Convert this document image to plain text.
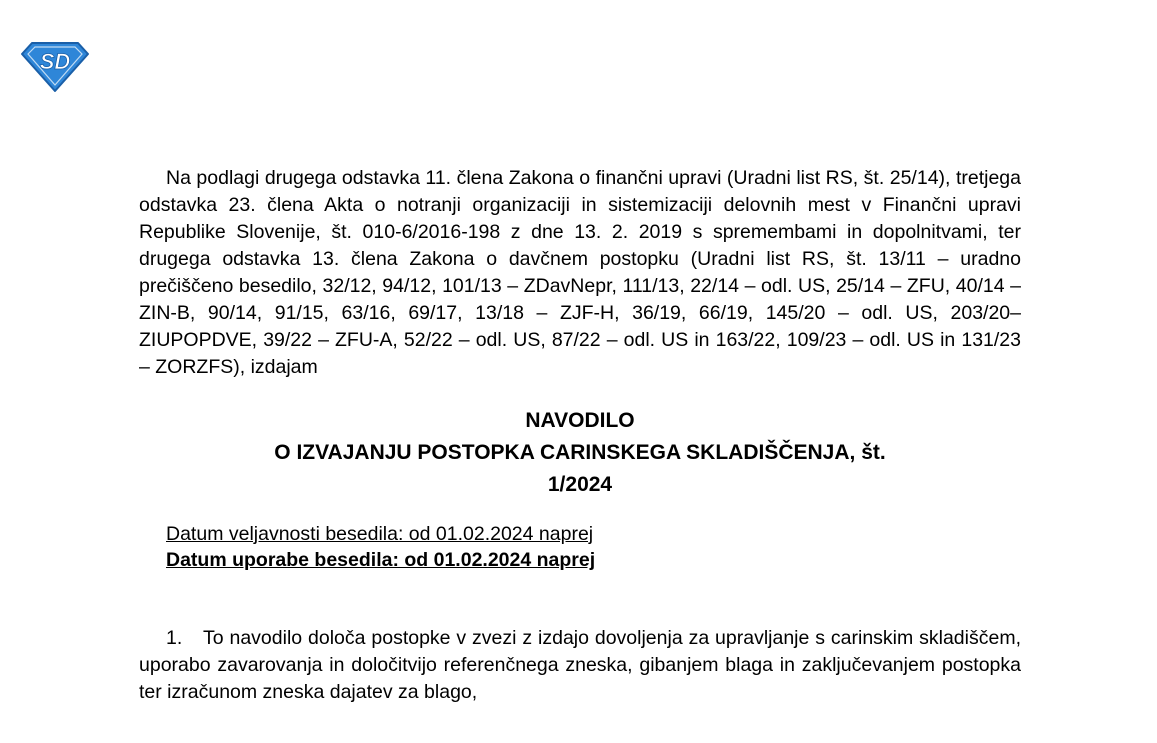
SD

Na podlagi drugega odstavka 11. člena Zakona o finančni upravi (Uradni list RS, št. 25/14), tretjega odstavka 23. člena Akta o notranji organizaciji in sistemizaciji delovnih mest v Finančni upravi Republike Slovenije, št. 010-6/2016-198 z dne 13. 2. 2019 s spremembami in dopolnitvami, ter drugega odstavka 13. člena Zakona o davčnem postopku (Uradni list RS, št. 13/11 – uradno prečiščeno besedilo, 32/12, 94/12, 101/13 – ZDavNepr, 111/13, 22/14 – odl. US, 25/14 – ZFU, 40/14 – ZIN-B, 90/14, 91/15, 63/16, 69/17, 13/18 – ZJF-H, 36/19, 66/19, 145/20 – odl. US, 203/20– ZIUPOPDVE, 39/22 – ZFU-A, 52/22 – odl. US, 87/22 – odl. US in 163/22, 109/23 – odl. US in 131/23 – ZORZFS), izdajam

NAVODILO
O IZVAJANJU POSTOPKA CARINSKEGA SKLADIŠČENJA, št.
1/2024
Datum veljavnosti besedila: od 01.02.2024 naprej
Datum uporabe besedila: od 01.02.2024 naprej
1. To navodilo določa postopke v zvezi z izdajo dovoljenja za upravljanje s carinskim skladiščem, uporabo zavarovanja in določitvijo referenčnega zneska, gibanjem blaga in zaključevanjem postopka ter izračunom zneska dajatev za blago,
